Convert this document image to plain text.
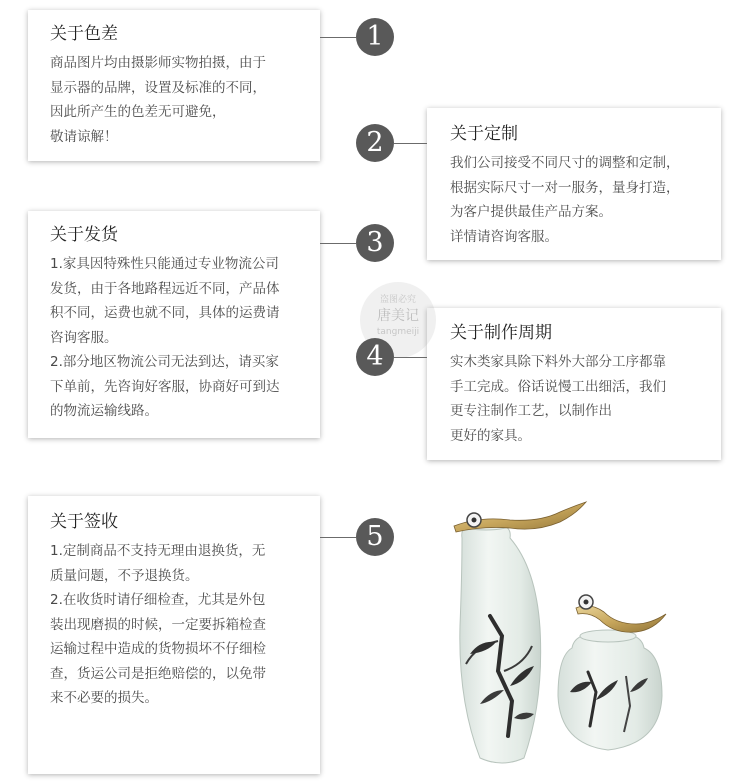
关于色差
商品图片均由摄影师实物拍摄，由于
显示器的品牌，设置及标准的不同，
因此所产生的色差无可避免，
敬请谅解！	关于定制
我们公司接受不同尺寸的调整和定制，
根据实际尺寸一对一服务，量身打造，
为客户提供最佳产品方案。
详情请咨询客服。
关于发货
1.家具因特殊性只能通过专业物流公司
发货，由于各地路程远近不同，产品体
积不同，运费也就不同，具体的运费请
咨询客服。
2.部分地区物流公司无法到达，请买家
下单前，先咨询好客服，协商好可到达
的物流运输线路。
关于制作周期
实木类家具除下料外大部分工序都靠
手工完成。俗话说慢工出细活，我们
更专注制作工艺，以制作出
更好的家具。
关于签收
1.定制商品不支持无理由退换货，无
质量问题，不予退换货。
2.在收货时请仔细检查，尤其是外包
装出现磨损的时候，一定要拆箱检查
运输过程中造成的货物损坏不仔细检
查，货运公司是拒绝赔偿的，以免带
来不必要的损失。
盗图必究
唐美记
tangmeiji
1
2
3
4
5
